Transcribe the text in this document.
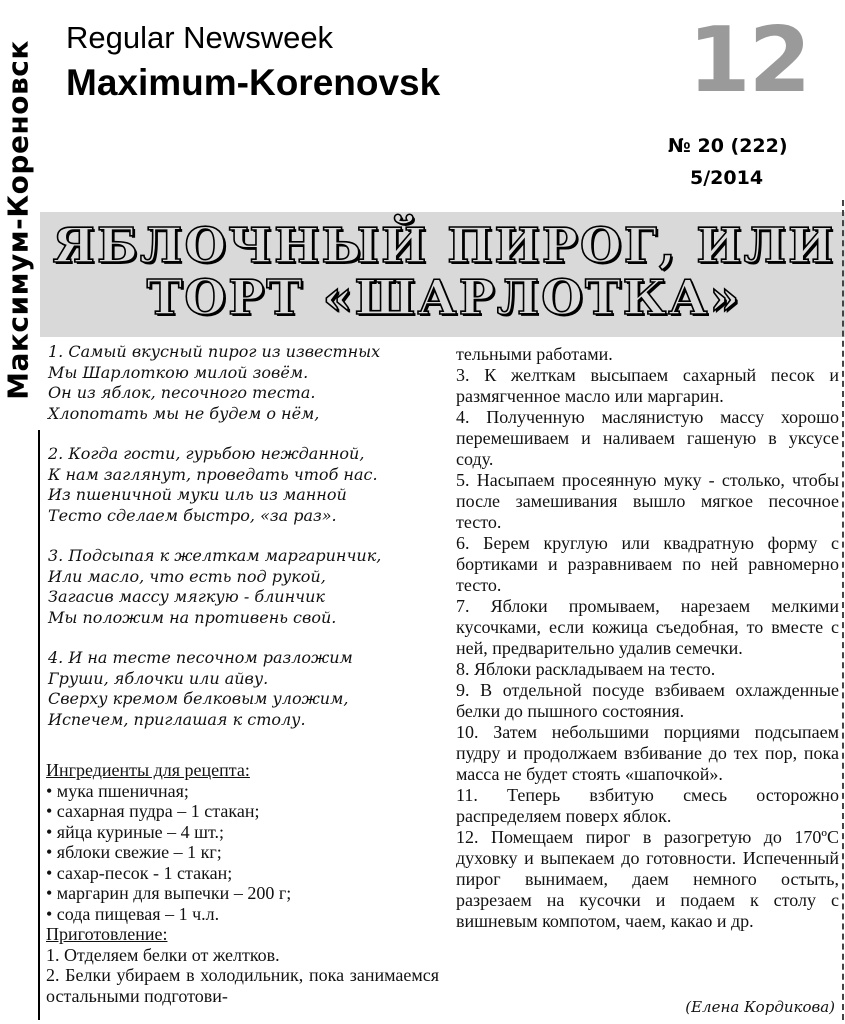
Максимум-Кореновск
Regular Newsweek
Maximum-Korenovsk	12
№ 20 (222)
5/2014
ЯБЛОЧНЫЙ ПИРОГ, ИЛИ
ТОРТ «ШАРЛОТКА»
1. Самый вкусный пирог из известных
Мы Шарлоткою милой зовём.
Он из яблок, песочного теста.
Хлопотать мы не будем о нём,
2. Когда гости, гурьбою нежданной,
К нам заглянут, проведать чтоб нас.
Из пшеничной муки иль из манной
Тесто сделаем быстро, «за раз».
3. Подсыпая к желткам маргаринчик,
Или масло, что есть под рукой,
Загасив массу мягкую - блинчик
Мы положим на противень свой.
4. И на тесте песочном разложим
Груши, яблочки или айву.
Сверху кремом белковым уложим,
Испечем, приглашая к столу.
Ингредиенты для рецепта:
• мука пшеничная;
• сахарная пудра – 1 стакан;
• яйца куриные – 4 шт.;
• яблоки свежие – 1 кг;
• сахар-песок - 1 стакан;
• маргарин для выпечки – 200 г;
• сода пищевая – 1 ч.л.
Приготовление:
1. Отделяем белки от желтков.
2. Белки убираем в холодильник, пока занимаемся остальными подготови-

тельными работами.

3. К желткам высыпаем сахарный песок и размягченное масло или маргарин.

4. Полученную маслянистую массу хорошо перемешиваем и наливаем гашеную в уксусе соду.

5. Насыпаем просеянную муку - столько, чтобы после замешивания вышло мягкое песочное тесто.

6. Берем круглую или квадратную форму с бортиками и разравниваем по ней равномерно тесто.

7. Яблоки промываем, нарезаем мелкими кусочками, если кожица съедобная, то вместе с ней, предварительно удалив семечки.

8. Яблоки раскладываем на тесто.

9. В отдельной посуде взбиваем охлажденные белки до пышного состояния.

10. Затем небольшими порциями подсыпаем пудру и продолжаем взбивание до тех пор, пока масса не будет стоять «шапочкой».

11. Теперь взбитую смесь осторожно распределяем поверх яблок.

12. Помещаем пирог в разогретую до 170ºС духовку и выпекаем до готовности. Испеченный пирог вынимаем, даем немного остыть, разрезаем на кусочки и подаем к столу с вишневым компотом, чаем, какао и др.

(Елена Кордикова)
